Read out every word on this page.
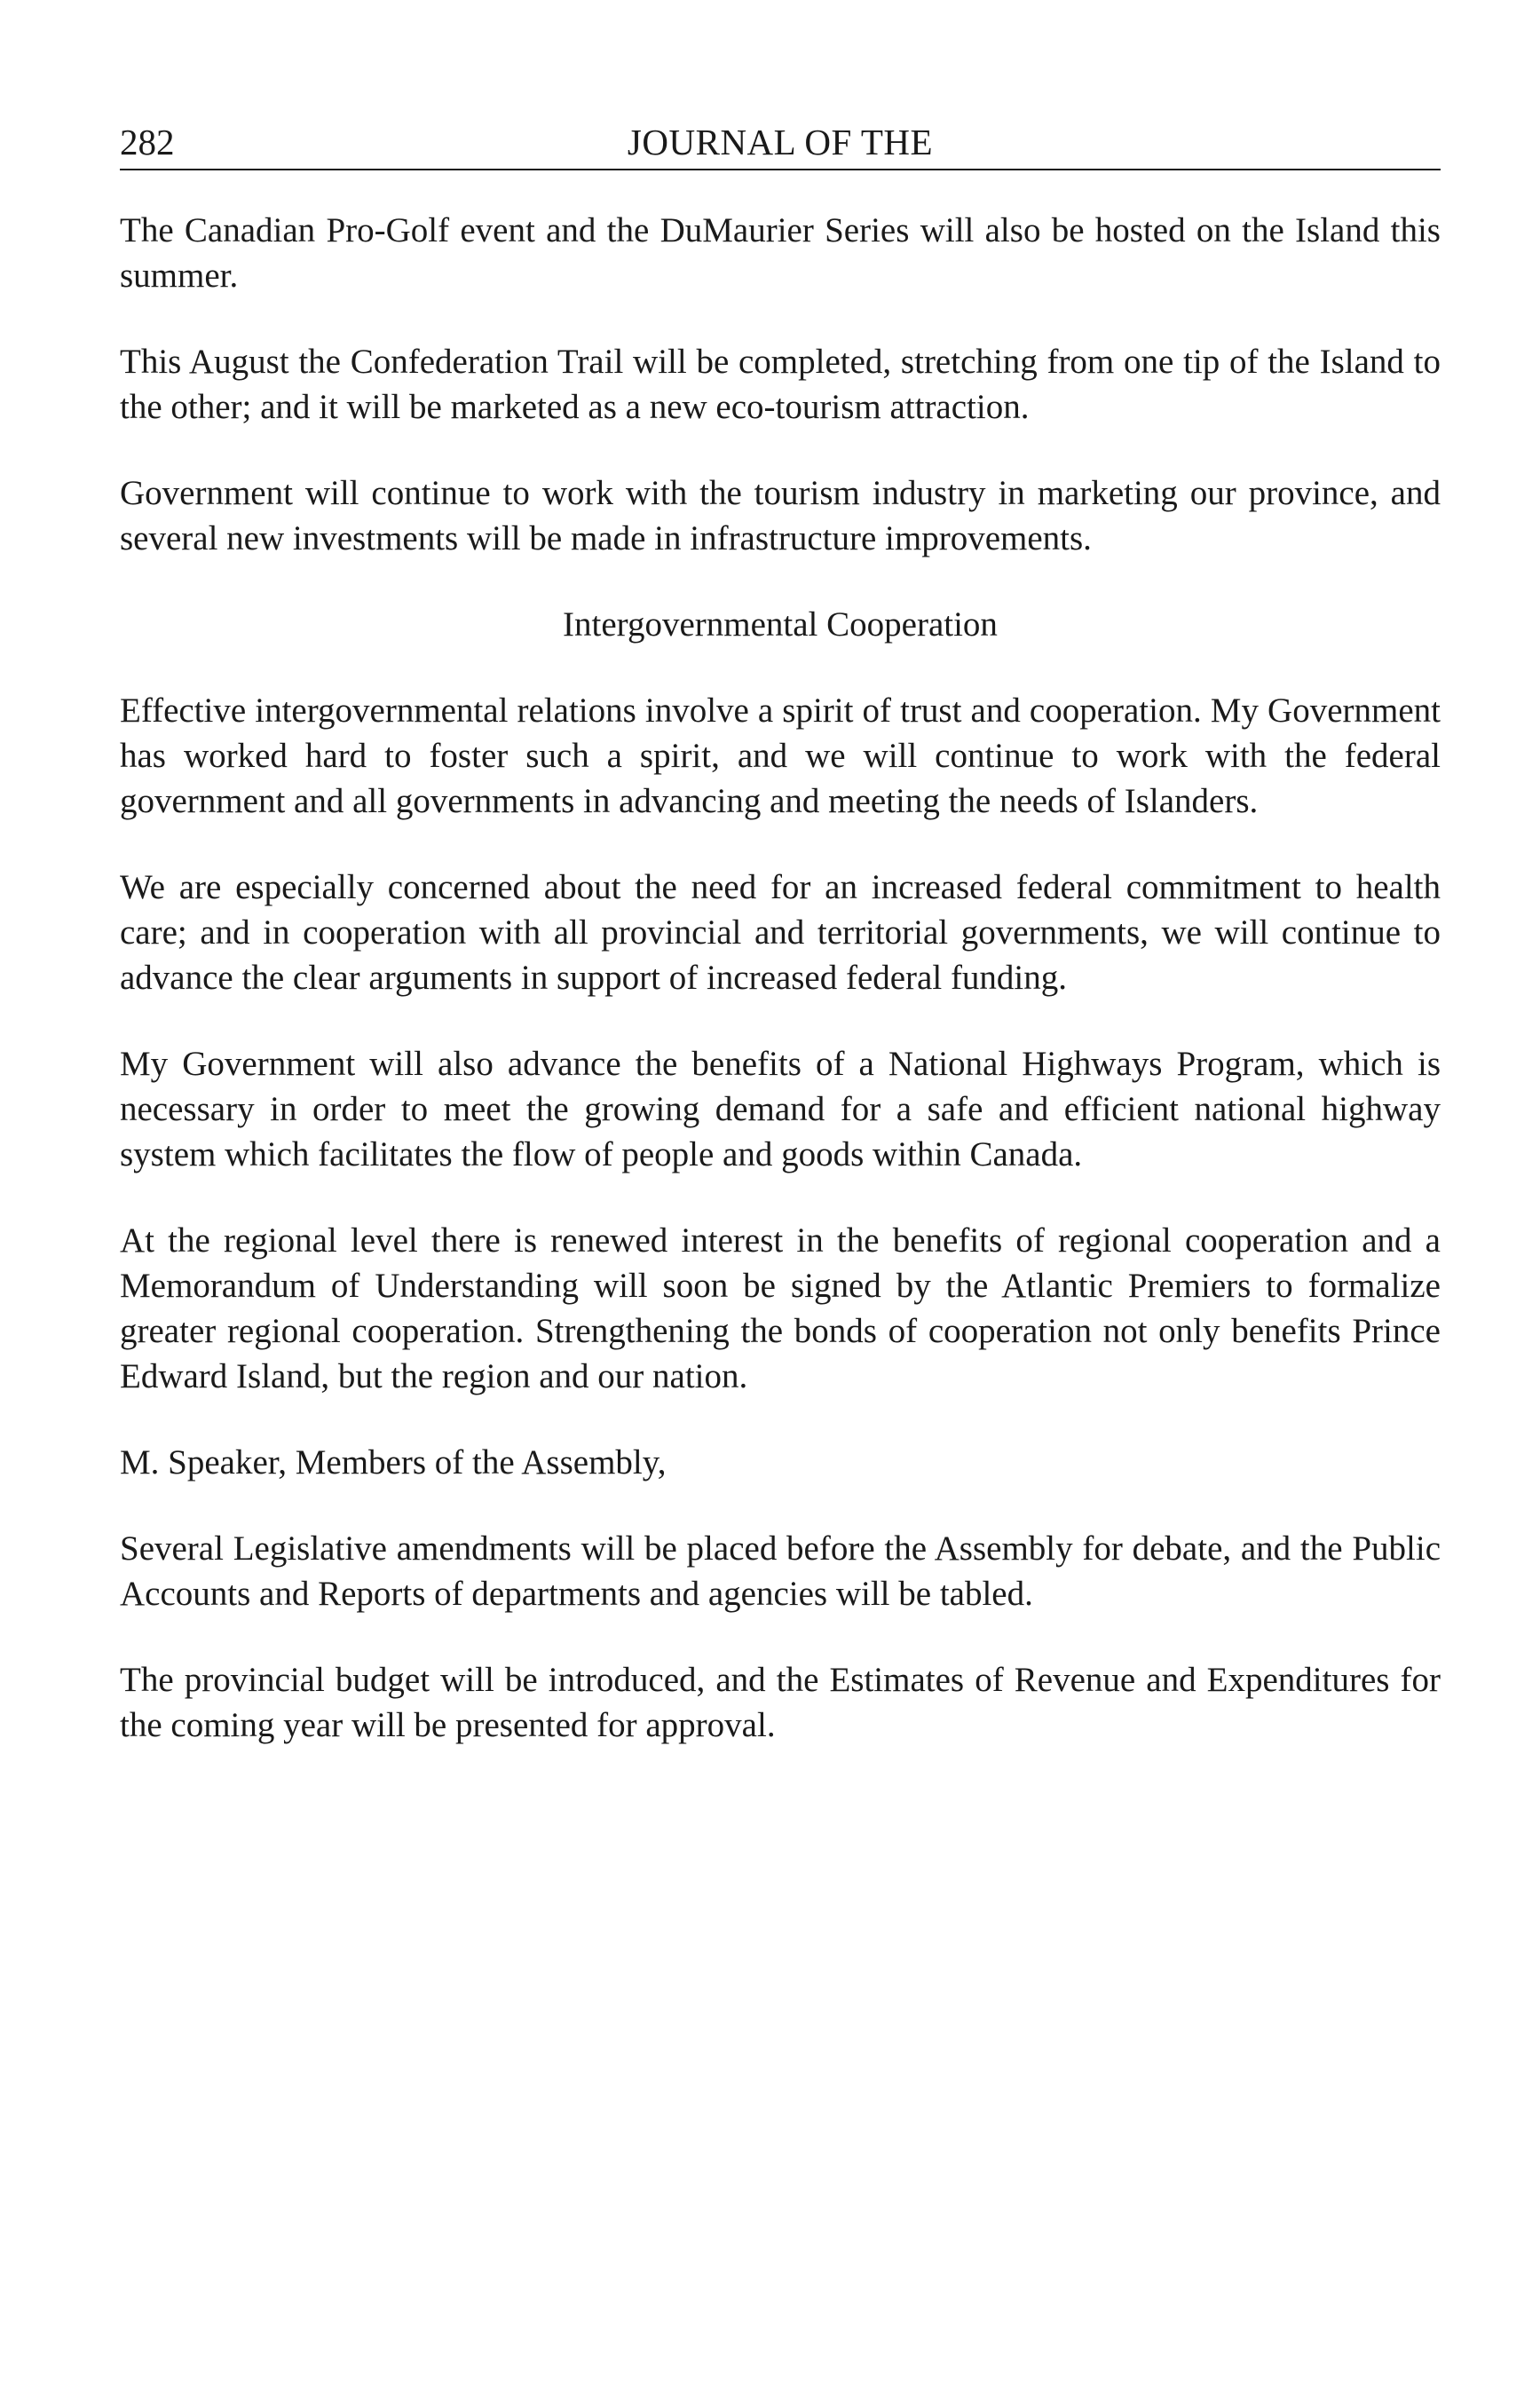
282	JOURNAL OF THE

The Canadian Pro-Golf event and the DuMaurier Series will also be hosted on the Island this summer.

This August the Confederation Trail will be completed, stretching from one tip of the Island to the other; and it will be marketed as a new eco-tourism attraction.

Government will continue to work with the tourism industry in marketing our province, and several new investments will be made in infrastructure improvements.

Intergovernmental Cooperation

Effective intergovernmental relations involve a spirit of trust and cooperation. My Government has worked hard to foster such a spirit, and we will continue to work with the federal government and all governments in advancing and meeting the needs of Islanders.

We are especially concerned about the need for an increased federal commitment to health care; and in cooperation with all provincial and territorial governments, we will continue to advance the clear arguments in support of increased federal funding.

My Government will also advance the benefits of a National Highways Program, which is necessary in order to meet the growing demand for a safe and efficient national highway system which facilitates the flow of people and goods within Canada.

At the regional level there is renewed interest in the benefits of regional cooperation and a Memorandum of Understanding will soon be signed by the Atlantic Premiers to formalize greater regional cooperation. Strengthening the bonds of cooperation not only benefits Prince Edward Island, but the region and our nation.

M. Speaker, Members of the Assembly,

Several Legislative amendments will be placed before the Assembly for debate, and the Public Accounts and Reports of departments and agencies will be tabled.

The provincial budget will be introduced, and the Estimates of Revenue and Expenditures for the coming year will be presented for approval.
